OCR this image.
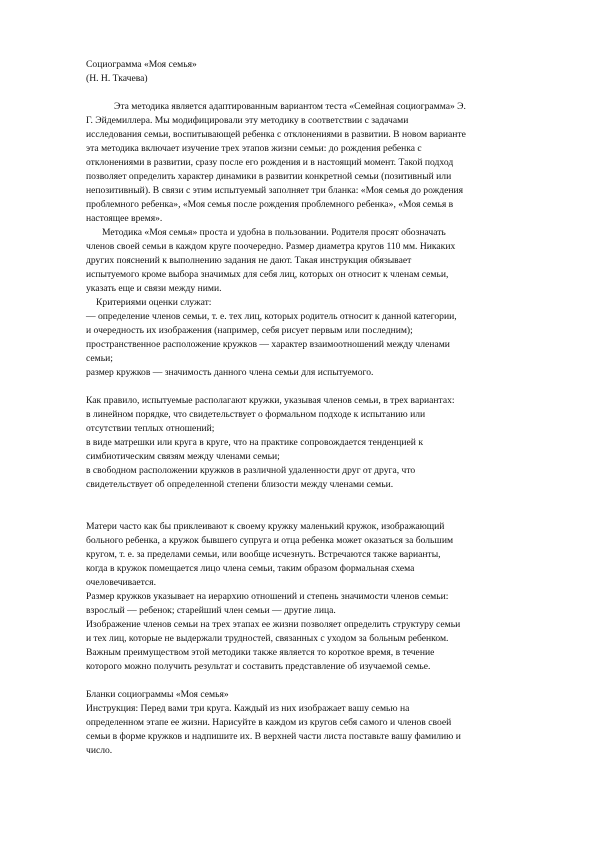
Социограмма «Моя семья»
(Н. Н. Ткачева)
Эта методика является адаптированным вариантом теста «Семейная социограмма» Э.
Г. Эйдемиллера. Мы модифицировали эту методику в соответствии с задачами
исследования семьи, воспитывающей ребенка с отклонениями в развитии. В новом варианте
эта методика включает изучение трех этапов жизни семьи: до рождения ребенка с
отклонениями в развитии, сразу после его рождения и в настоящий момент. Такой подход
позволяет определить характер динамики в развитии конкретной семьи (позитивный или
непозитивный). В связи с этим испытуемый заполняет три бланка: «Моя семья до рождения
проблемного ребенка», «Моя семья после рождения проблемного ребенка», «Моя семья в
настоящее время».
Методика «Моя семья» проста и удобна в пользовании. Родителя просят обозначать
членов своей семьи в каждом круге поочередно. Размер диаметра кругов 110 мм. Никаких
других пояснений к выполнению задания не дают. Такая инструкция обязывает
испытуемого кроме выбора значимых для себя лиц, которых он относит к членам семьи,
указать еще и связи между ними.
Критериями оценки служат:
— определение членов семьи, т. е. тех лиц, которых родитель относит к данной категории,
и очередность их изображения (например, себя рисует первым или последним);
пространственное расположение кружков — характер взаимоотношений между членами
семьи;
размер кружков — значимость данного члена семьи для испытуемого.
Как правило, испытуемые располагают кружки, указывая членов семьи, в трех вариантах:
в линейном порядке, что свидетельствует о формальном подходе к испытанию или
отсутствии теплых отношений;
в виде матрешки или круга в круге, что на практике сопровождается тенденцией к
симбиотическим связям между членами семьи;
в свободном расположении кружков в различной удаленности друг от друга, что
свидетельствует об определенной степени близости между членами семьи.
Матери часто как бы приклеивают к своему кружку маленький кружок, изображающий
больного ребенка, а кружок бывшего супруга и отца ребенка может оказаться за большим
кругом, т. е. за пределами семьи, или вообще исчезнуть. Встречаются также варианты,
когда в кружок помещается лицо члена семьи, таким образом формальная схема
очеловечивается.
Размер кружков указывает на иерархию отношений и степень значимости членов семьи:
взрослый — ребенок; старейший член семьи — другие лица.
Изображение членов семьи на трех этапах ее жизни позволяет определить структуру семьи
и тех лиц, которые не выдержали трудностей, связанных с уходом за больным ребенком.
Важным преимуществом этой методики также является то короткое время, в течение
которого можно получить результат и составить представление об изучаемой семье.
Бланки социограммы «Моя семья»
Инструкция: Перед вами три круга. Каждый из них изображает вашу семью на
определенном этапе ее жизни. Нарисуйте в каждом из кругов себя самого и членов своей
семьи в форме кружков и надпишите их. В верхней части листа поставьте вашу фамилию и
число.
